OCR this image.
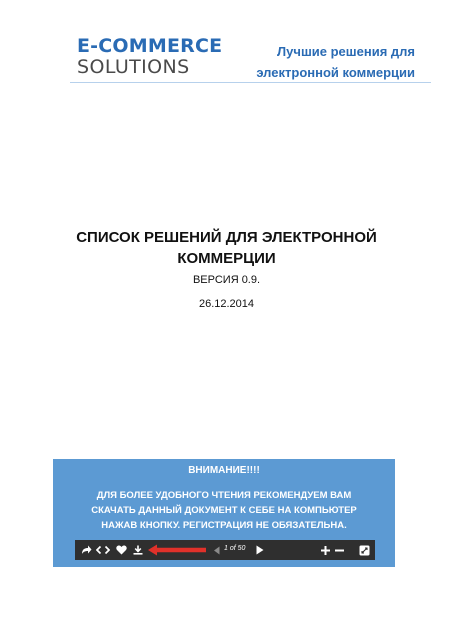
E-COMMERCE
SOLUTIONS
Лучшие решения для
электронной коммерции
СПИСОК РЕШЕНИЙ ДЛЯ ЭЛЕКТРОННОЙ
КОММЕРЦИИ
ВЕРСИЯ 0.9.
26.12.2014
ВНИМАНИЕ!!!!
ДЛЯ БОЛЕЕ УДОБНОГО ЧТЕНИЯ РЕКОМЕНДУЕМ ВАМ
СКАЧАТЬ ДАННЫЙ ДОКУМЕНТ К СЕБЕ НА КОМПЬЮТЕР
НАЖАВ КНОПКУ. РЕГИСТРАЦИЯ НЕ ОБЯЗАТЕЛЬНА.
1 of 50
